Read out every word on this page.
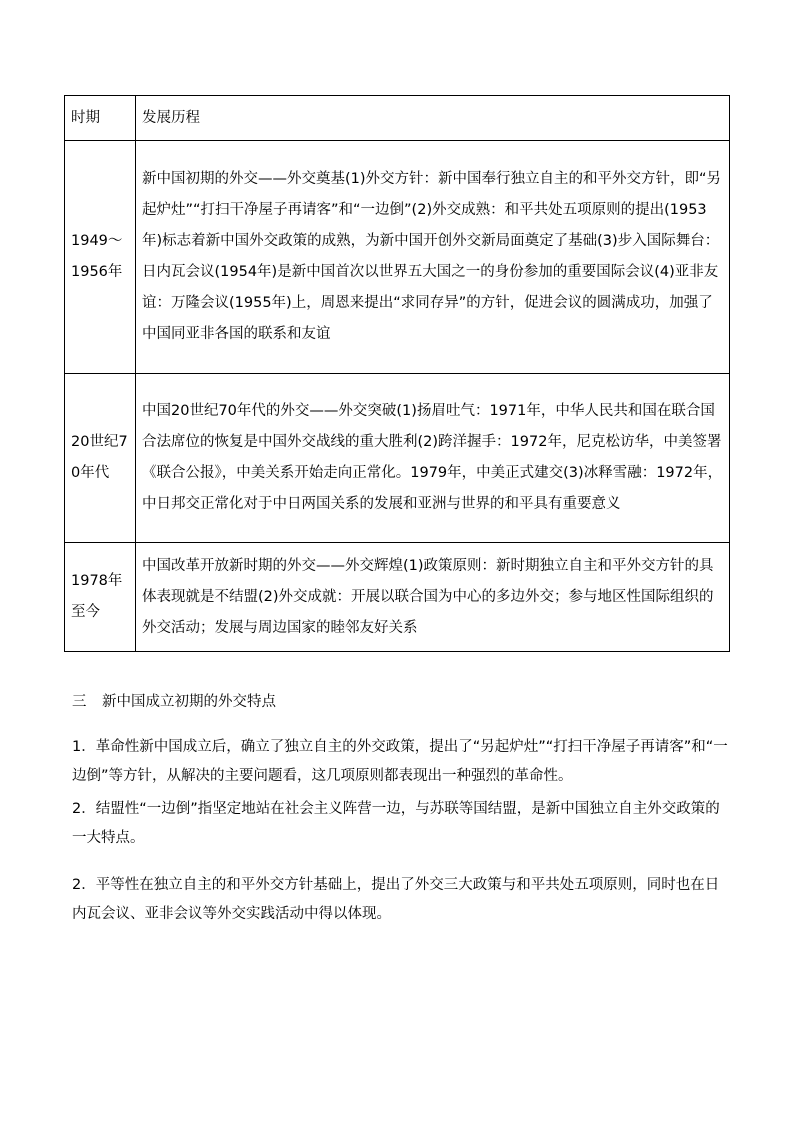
时期	发展历程
1949～1956年	新中国初期的外交——外交奠基(1)外交方针：新中国奉行独立自主的和平外交方针，即“另起炉灶”“打扫干净屋子再请客”和“一边倒”(2)外交成熟：和平共处五项原则的提出(1953年)标志着新中国外交政策的成熟，为新中国开创外交新局面奠定了基础(3)步入国际舞台：日内瓦会议(1954年)是新中国首次以世界五大国之一的身份参加的重要国际会议(4)亚非友谊：万隆会议(1955年)上，周恩来提出“求同存异”的方针，促进会议的圆满成功，加强了中国同亚非各国的联系和友谊
20世纪70年代	中国20世纪70年代的外交——外交突破(1)扬眉吐气：1971年，中华人民共和国在联合国合法席位的恢复是中国外交战线的重大胜利(2)跨洋握手：1972年，尼克松访华，中美签署《联合公报》，中美关系开始走向正常化。1979年，中美正式建交(3)冰释雪融：1972年，中日邦交正常化对于中日两国关系的发展和亚洲与世界的和平具有重要意义
1978年至今	中国改革开放新时期的外交——外交辉煌(1)政策原则：新时期独立自主和平外交方针的具体表现就是不结盟(2)外交成就：开展以联合国为中心的多边外交；参与地区性国际组织的外交活动；发展与周边国家的睦邻友好关系
三 新中国成立初期的外交特点
1．革命性新中国成立后，确立了独立自主的外交政策，提出了“另起炉灶”“打扫干净屋子再请客”和“一边倒”等方针，从解决的主要问题看，这几项原则都表现出一种强烈的革命性。
2．结盟性“一边倒”指坚定地站在社会主义阵营一边，与苏联等国结盟，是新中国独立自主外交政策的一大特点。
2．平等性在独立自主的和平外交方针基础上，提出了外交三大政策与和平共处五项原则，同时也在日内瓦会议、亚非会议等外交实践活动中得以体现。
